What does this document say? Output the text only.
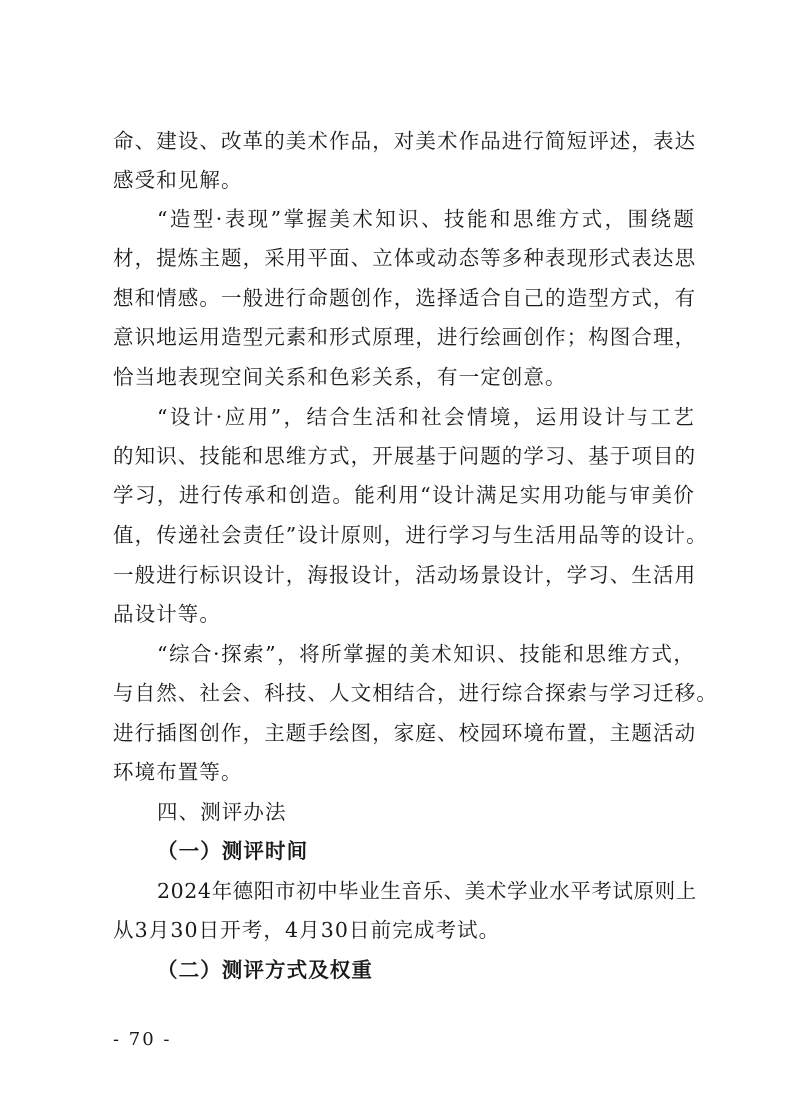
命、建设、改革的美术作品，对美术作品进行简短评述，表达
感受和见解。
“造型·表现”掌握美术知识、技能和思维方式，围绕题
材，提炼主题，采用平面、立体或动态等多种表现形式表达思
想和情感。一般进行命题创作，选择适合自己的造型方式，有
意识地运用造型元素和形式原理，进行绘画创作；构图合理，
恰当地表现空间关系和色彩关系，有一定创意。
“设计·应用”，结合生活和社会情境，运用设计与工艺
的知识、技能和思维方式，开展基于问题的学习、基于项目的
学习，进行传承和创造。能利用“设计满足实用功能与审美价
值，传递社会责任”设计原则，进行学习与生活用品等的设计。
一般进行标识设计，海报设计，活动场景设计，学习、生活用
品设计等。
“综合·探索”，将所掌握的美术知识、技能和思维方式，
与自然、社会、科技、人文相结合，进行综合探索与学习迁移。
进行插图创作，主题手绘图，家庭、校园环境布置，主题活动
环境布置等。
四、测评办法
（一）测评时间
2024年德阳市初中毕业生音乐、美术学业水平考试原则上
从3月30日开考，4月30日前完成考试。
（二）测评方式及权重
- 70 -
